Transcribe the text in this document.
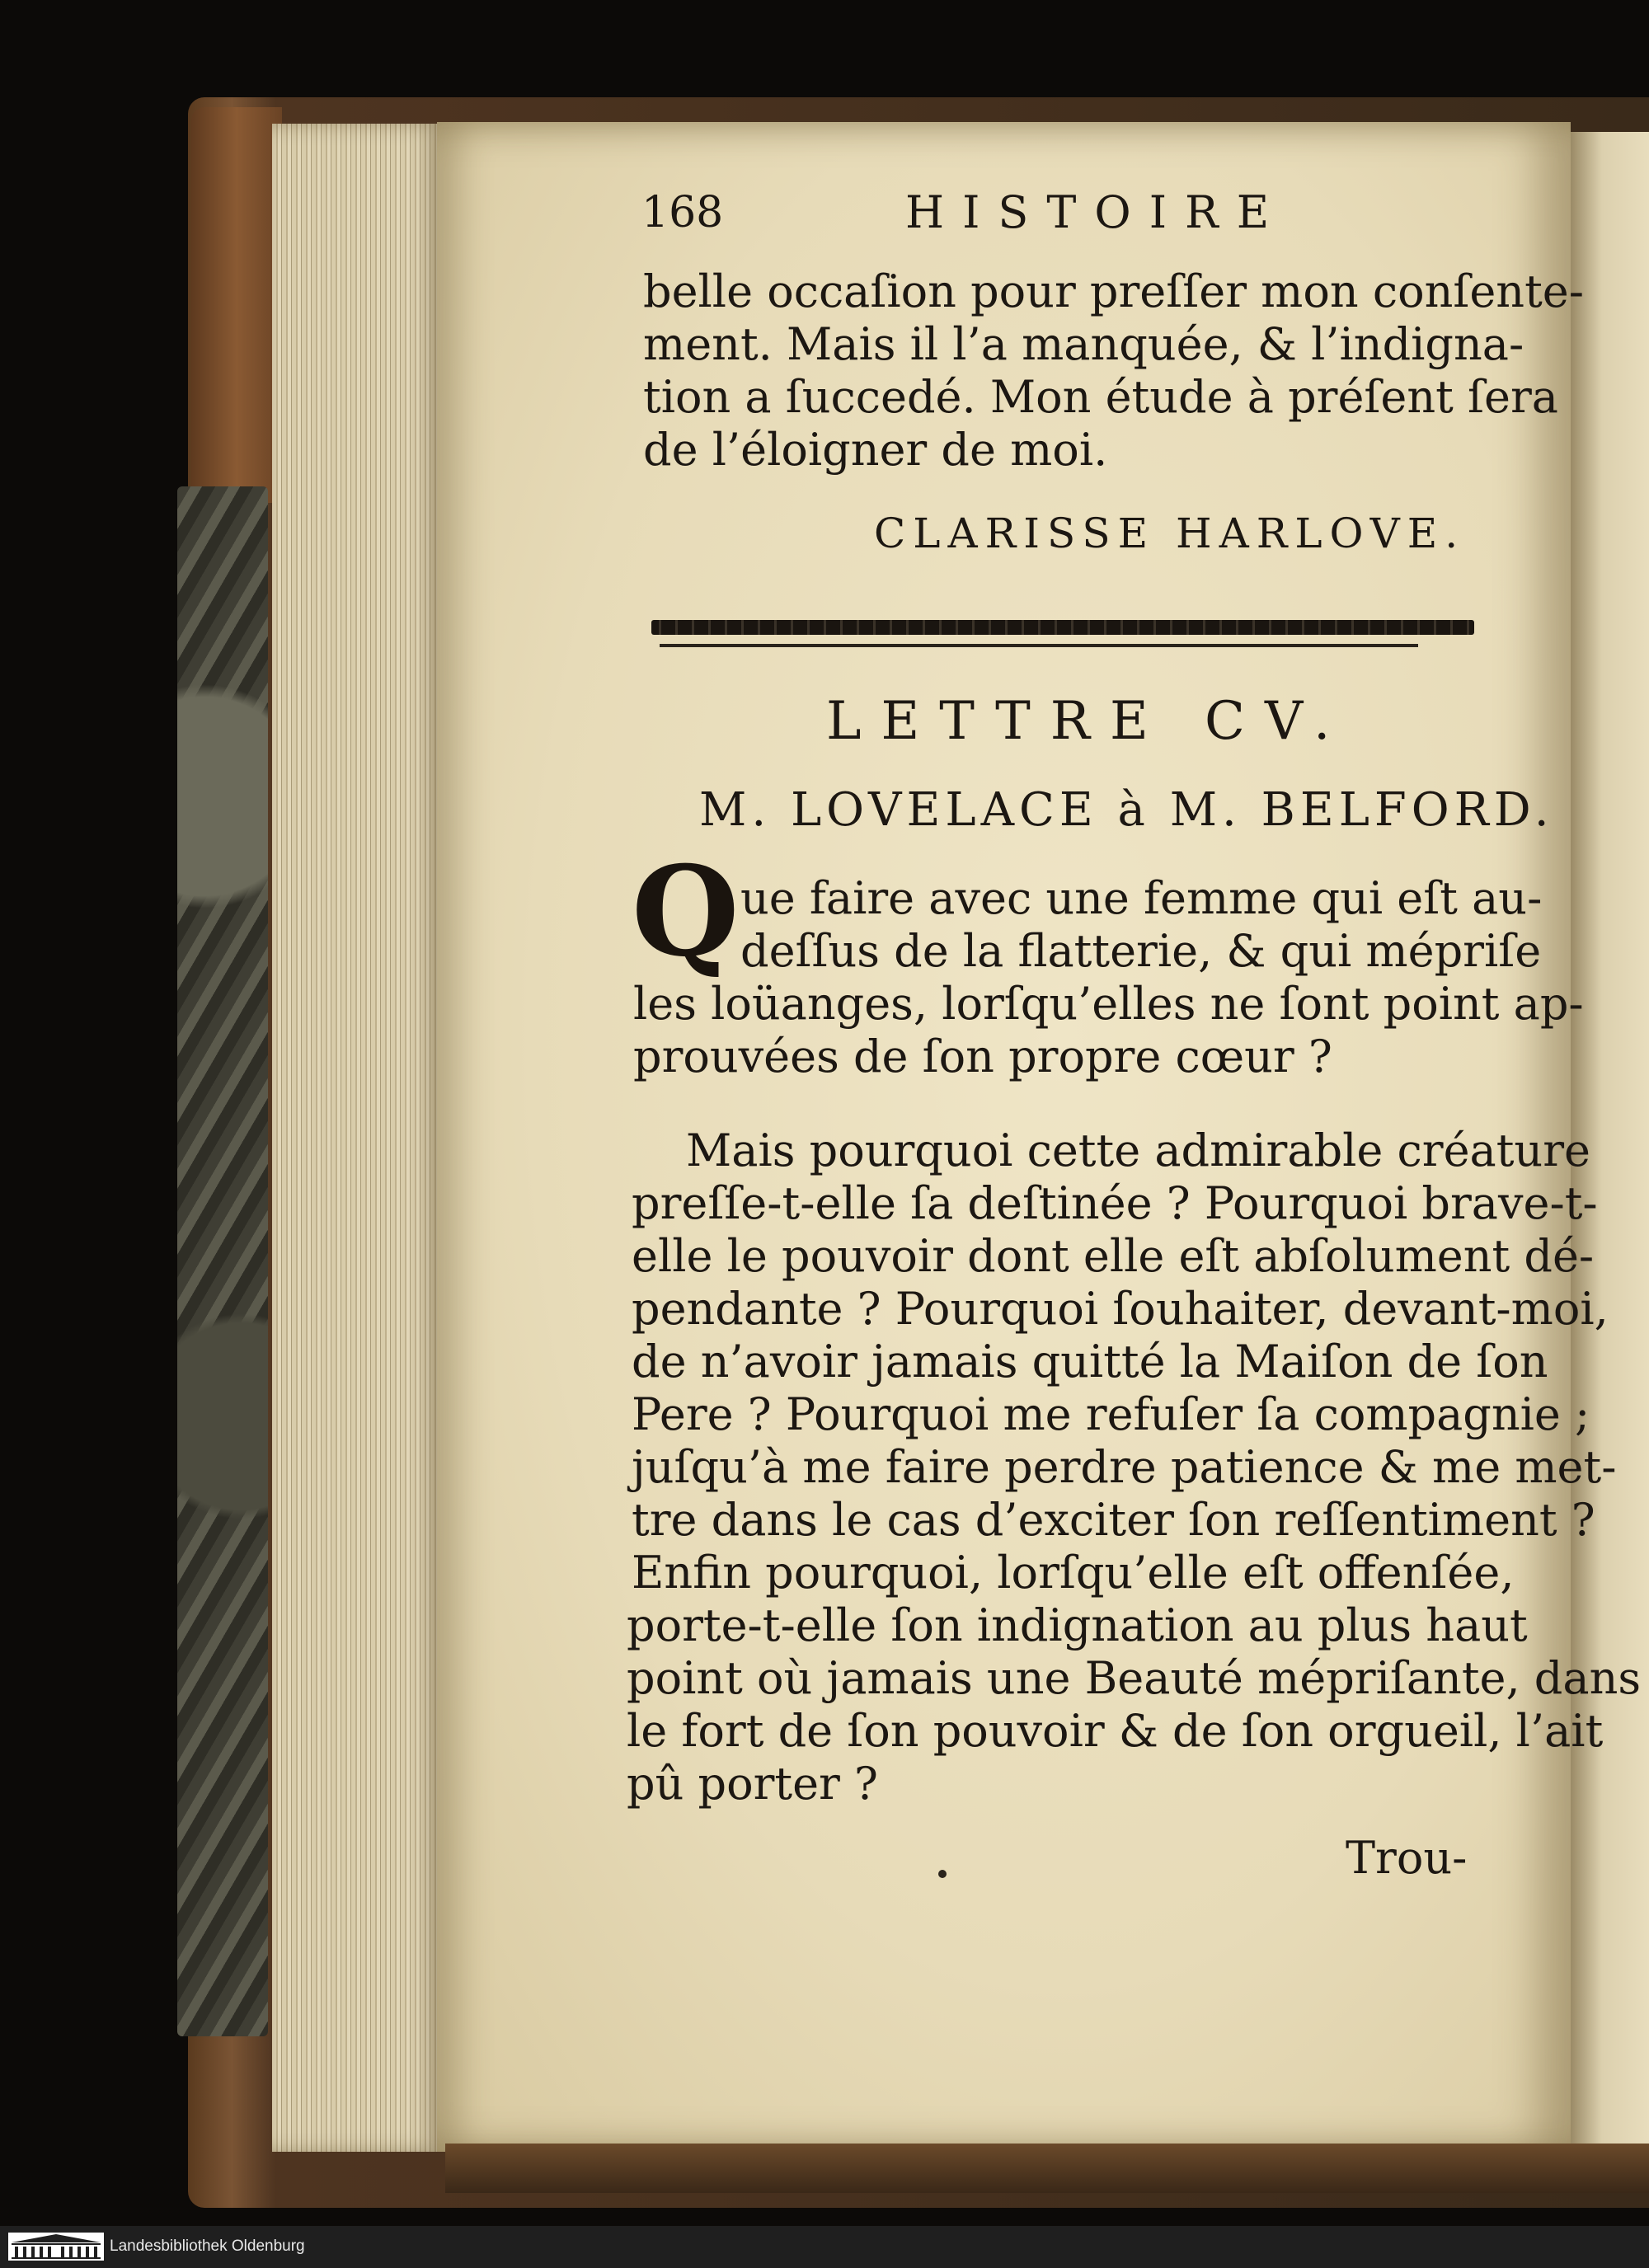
168	HISTOIRE
belle occaſion pour preſſer mon conſente-
ment. Mais il l’a manquée, & l’indigna-
tion a ſuccedé. Mon étude à préſent ſera
de l’éloigner de moi.
CLARISSE HARLOVE.
LETTRE CV.
M. LOVELACE à M. BELFORD.
Q ue faire avec une femme qui eſt au-
deſſus de la flatterie, & qui mépriſe
les loüanges, lorſqu’elles ne ſont point ap-
prouvées de ſon propre cœur ?
Mais pourquoi cette admirable créature
preſſe-t-elle ſa deſtinée ? Pourquoi brave-t-
elle le pouvoir dont elle eſt abſolument dé-
pendante ? Pourquoi ſouhaiter, devant-moi,
de n’avoir jamais quitté la Maiſon de ſon
Pere ? Pourquoi me refuſer ſa compagnie ;
juſqu’à me faire perdre patience & me met-
tre dans le cas d’exciter ſon reſſentiment ?
Enfin pourquoi, lorſqu’elle eſt offenſée,
porte-t-elle ſon indignation au plus haut
point où jamais une Beauté mépriſante, dans
le fort de ſon pouvoir & de ſon orgueil, l’ait
pû porter ?
Trou-
Landesbibliothek Oldenburg
